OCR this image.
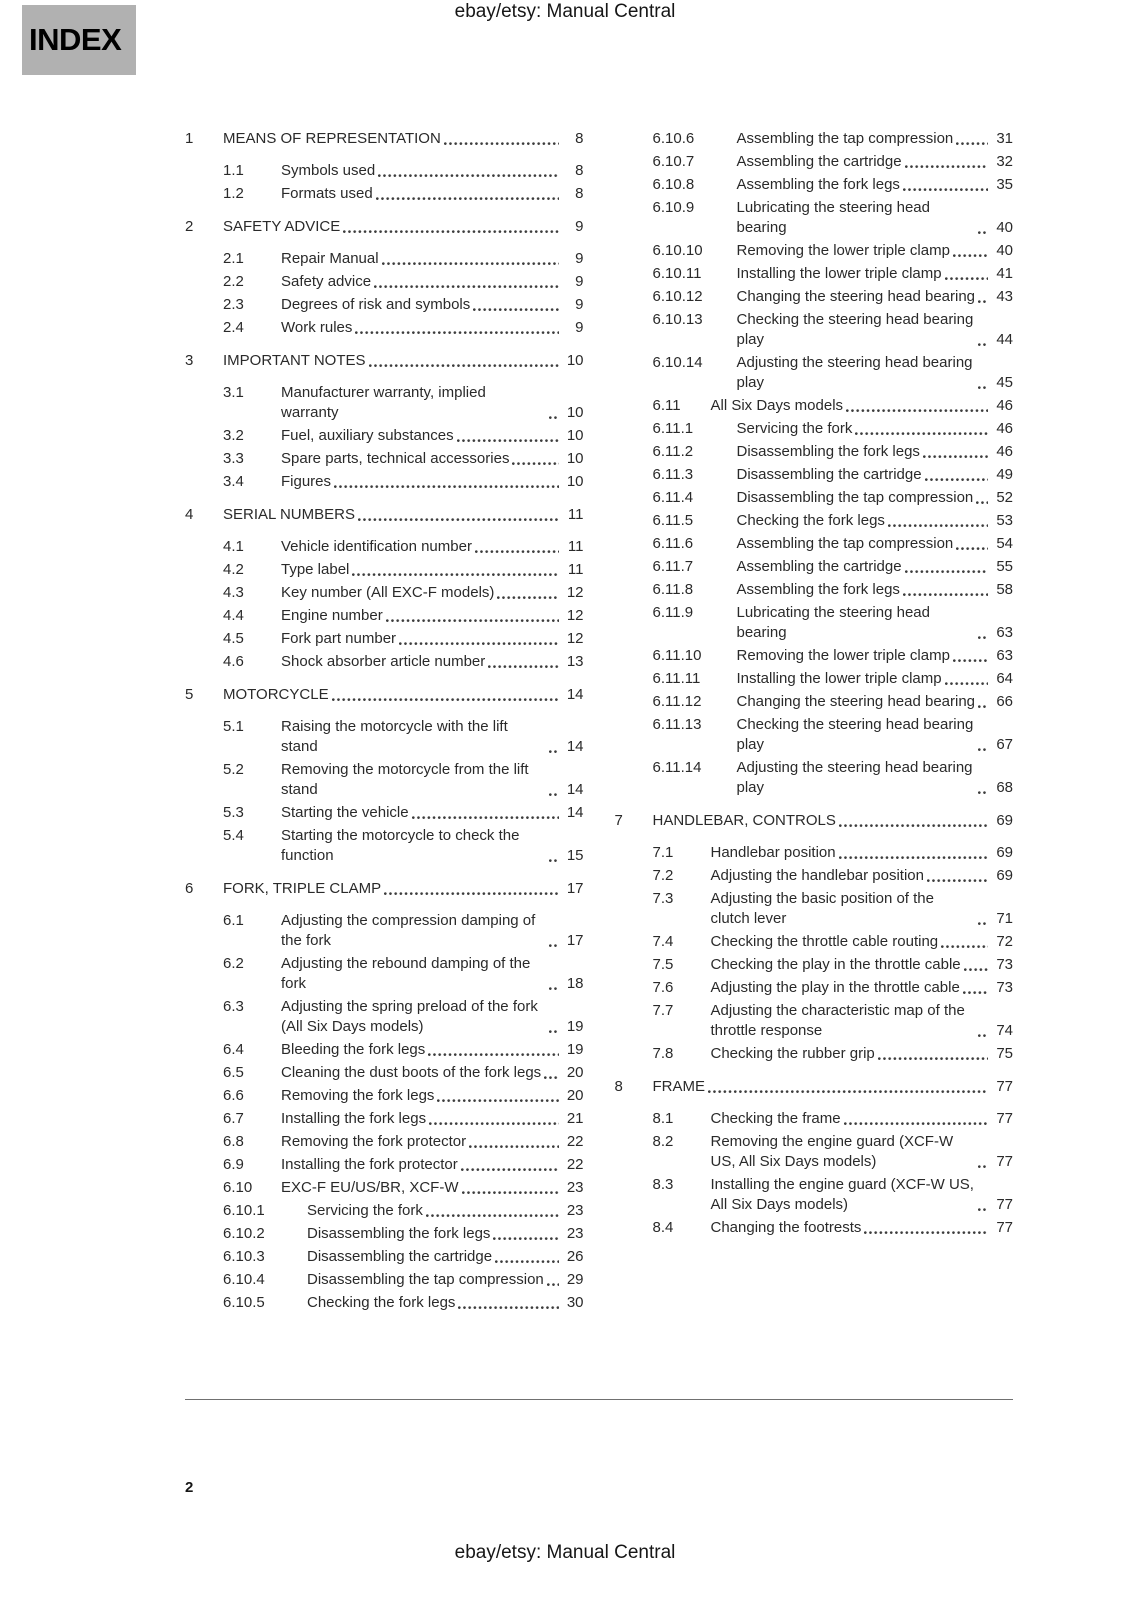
ebay/etsy: Manual Central
INDEX
1	MEANS OF REPRESENTATION	8
1.1	Symbols used	8
1.2	Formats used	8
2	SAFETY ADVICE	9
2.1	Repair Manual	9
2.2	Safety advice	9
2.3	Degrees of risk and symbols	9
2.4	Work rules	9
3	IMPORTANT NOTES	10
3.1	Manufacturer warranty, implied warranty	10
3.2	Fuel, auxiliary substances	10
3.3	Spare parts, technical accessories	10
3.4	Figures	10
4	SERIAL NUMBERS	11
4.1	Vehicle identification number	11
4.2	Type label	11
4.3	Key number (All EXC-F models)	12
4.4	Engine number	12
4.5	Fork part number	12
4.6	Shock absorber article number	13
5	MOTORCYCLE	14
5.1	Raising the motorcycle with the lift stand	14
5.2	Removing the motorcycle from the lift stand	14
5.3	Starting the vehicle	14
5.4	Starting the motorcycle to check the function	15
6	FORK, TRIPLE CLAMP	17
6.1	Adjusting the compression damping of the fork	17
6.2	Adjusting the rebound damping of the fork	18
6.3	Adjusting the spring preload of the fork (All Six Days models)	19
6.4	Bleeding the fork legs	19
6.5	Cleaning the dust boots of the fork legs	20
6.6	Removing the fork legs	20
6.7	Installing the fork legs	21
6.8	Removing the fork protector	22
6.9	Installing the fork protector	22
6.10	EXC-F EU/US/BR, XCF-W	23
6.10.1	Servicing the fork	23
6.10.2	Disassembling the fork legs	23
6.10.3	Disassembling the cartridge	26
6.10.4	Disassembling the tap compression	29
6.10.5	Checking the fork legs	30
6.10.6	Assembling the tap compression	31
6.10.7	Assembling the cartridge	32
6.10.8	Assembling the fork legs	35
6.10.9	Lubricating the steering head bearing	40
6.10.10	Removing the lower triple clamp	40
6.10.11	Installing the lower triple clamp	41
6.10.12	Changing the steering head bearing	43
6.10.13	Checking the steering head bearing play	44
6.10.14	Adjusting the steering head bearing play	45
6.11	All Six Days models	46
6.11.1	Servicing the fork	46
6.11.2	Disassembling the fork legs	46
6.11.3	Disassembling the cartridge	49
6.11.4	Disassembling the tap compression	52
6.11.5	Checking the fork legs	53
6.11.6	Assembling the tap compression	54
6.11.7	Assembling the cartridge	55
6.11.8	Assembling the fork legs	58
6.11.9	Lubricating the steering head bearing	63
6.11.10	Removing the lower triple clamp	63
6.11.11	Installing the lower triple clamp	64
6.11.12	Changing the steering head bearing	66
6.11.13	Checking the steering head bearing play	67
6.11.14	Adjusting the steering head bearing play	68
7	HANDLEBAR, CONTROLS	69
7.1	Handlebar position	69
7.2	Adjusting the handlebar position	69
7.3	Adjusting the basic position of the clutch lever	71
7.4	Checking the throttle cable routing	72
7.5	Checking the play in the throttle cable	73
7.6	Adjusting the play in the throttle cable	73
7.7	Adjusting the characteristic map of the throttle response	74
7.8	Checking the rubber grip	75
8	FRAME	77
8.1	Checking the frame	77
8.2	Removing the engine guard (XCF-W US, All Six Days models)	77
8.3	Installing the engine guard (XCF-W US, All Six Days models)	77
8.4	Changing the footrests	77
2
ebay/etsy: Manual Central
